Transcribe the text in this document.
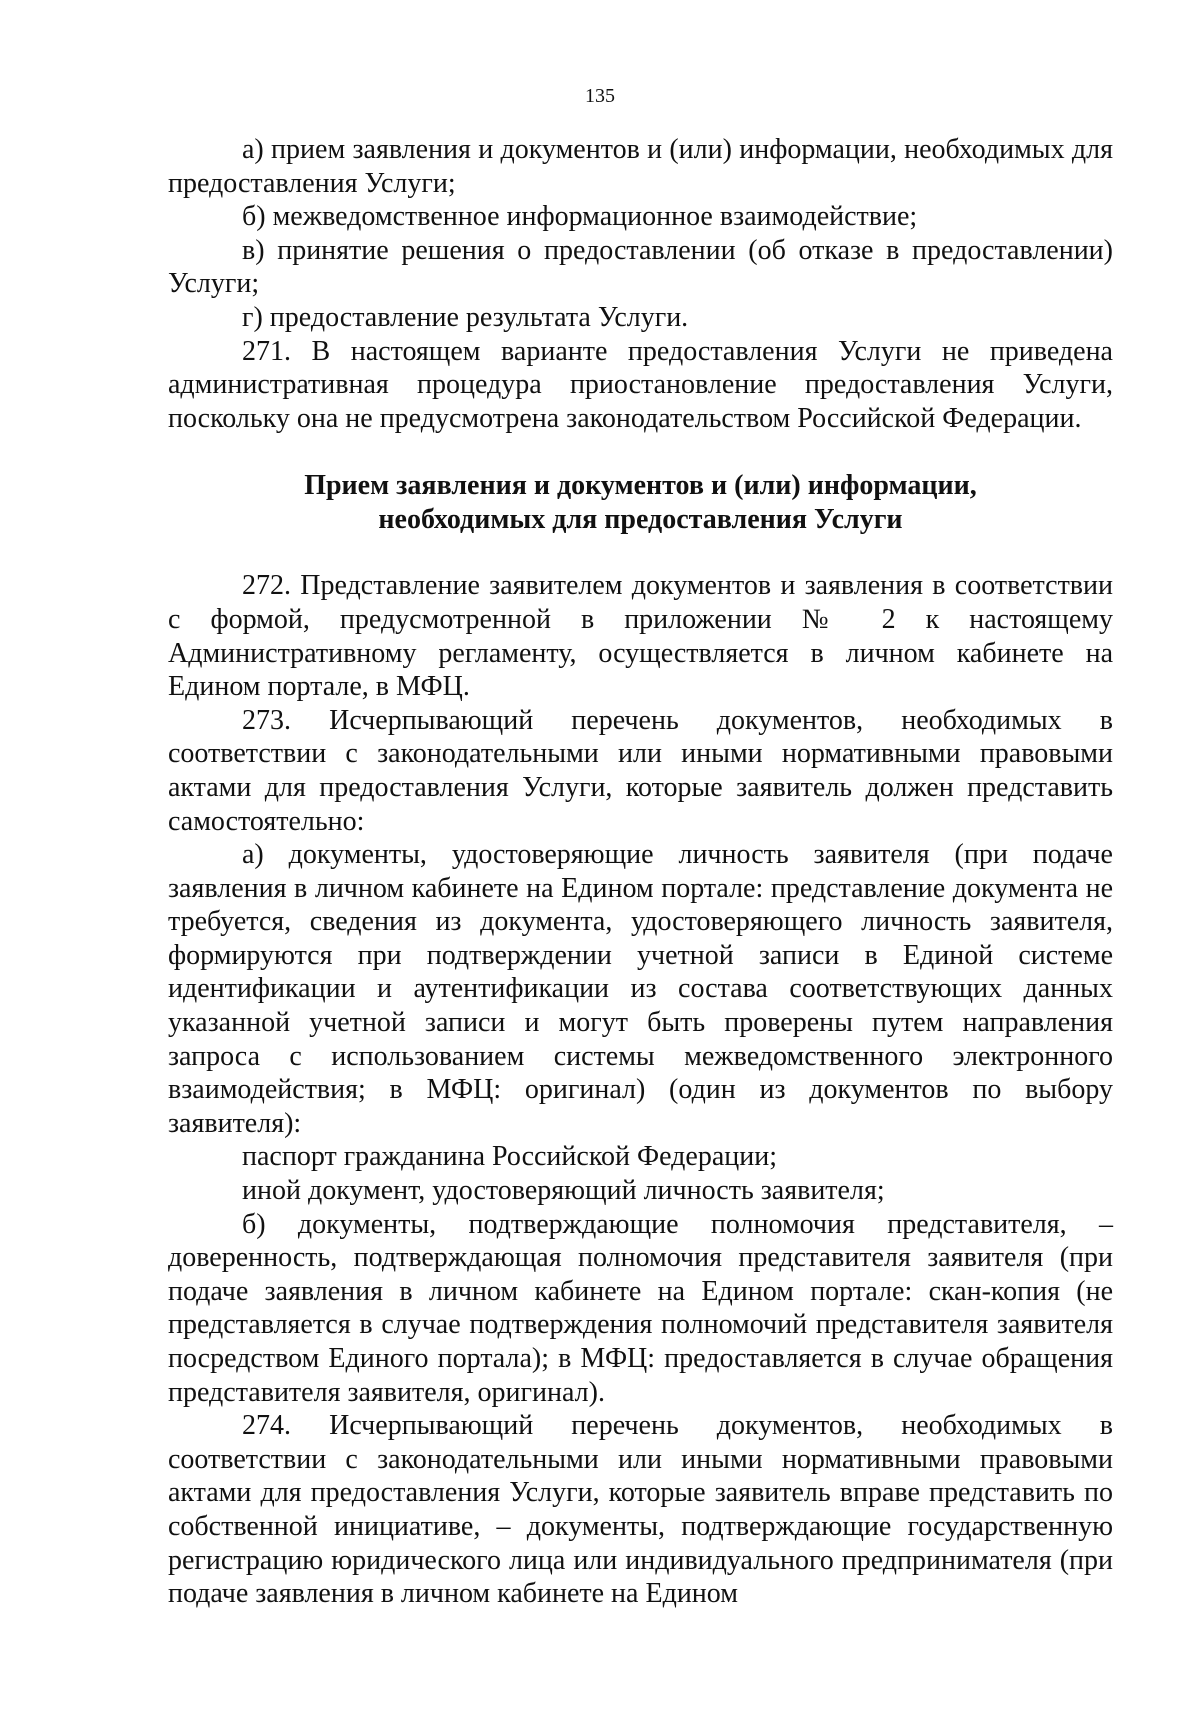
135

а) прием заявления и документов и (или) информации, необходимых для предоставления Услуги;

б) межведомственное информационное взаимодействие;

в) принятие решения о предоставлении (об отказе в предоставлении) Услуги;

г) предоставление результата Услуги.

271. В настоящем варианте предоставления Услуги не приведена административная процедура приостановление предоставления Услуги, поскольку она не предусмотрена законодательством Российской Федерации.

Прием заявления и документов и (или) информации,
необходимых для предоставления Услуги

272. Представление заявителем документов и заявления в соответствии с формой, предусмотренной в приложении № 2 к настоящему Административному регламенту, осуществляется в личном кабинете на Едином портале, в МФЦ.

273. Исчерпывающий перечень документов, необходимых в соответствии с законодательными или иными нормативными правовыми актами для предоставления Услуги, которые заявитель должен представить самостоятельно:

а) документы, удостоверяющие личность заявителя (при подаче заявления в личном кабинете на Едином портале: представление документа не требуется, сведения из документа, удостоверяющего личность заявителя, формируются при подтверждении учетной записи в Единой системе идентификации и аутентификации из состава соответствующих данных указанной учетной записи и могут быть проверены путем направления запроса с использованием системы межведомственного электронного взаимодействия; в МФЦ: оригинал) (один из документов по выбору заявителя):

паспорт гражданина Российской Федерации;

иной документ, удостоверяющий личность заявителя;

б) документы, подтверждающие полномочия представителя, – доверенность, подтверждающая полномочия представителя заявителя (при подаче заявления в личном кабинете на Едином портале: скан-копия (не представляется в случае подтверждения полномочий представителя заявителя посредством Единого портала); в МФЦ: предоставляется в случае обращения представителя заявителя, оригинал).

274. Исчерпывающий перечень документов, необходимых в соответствии с законодательными или иными нормативными правовыми актами для предоставления Услуги, которые заявитель вправе представить по собственной инициативе, – документы, подтверждающие государственную регистрацию юридического лица или индивидуального предпринимателя (при подаче заявления в личном кабинете на Едином
